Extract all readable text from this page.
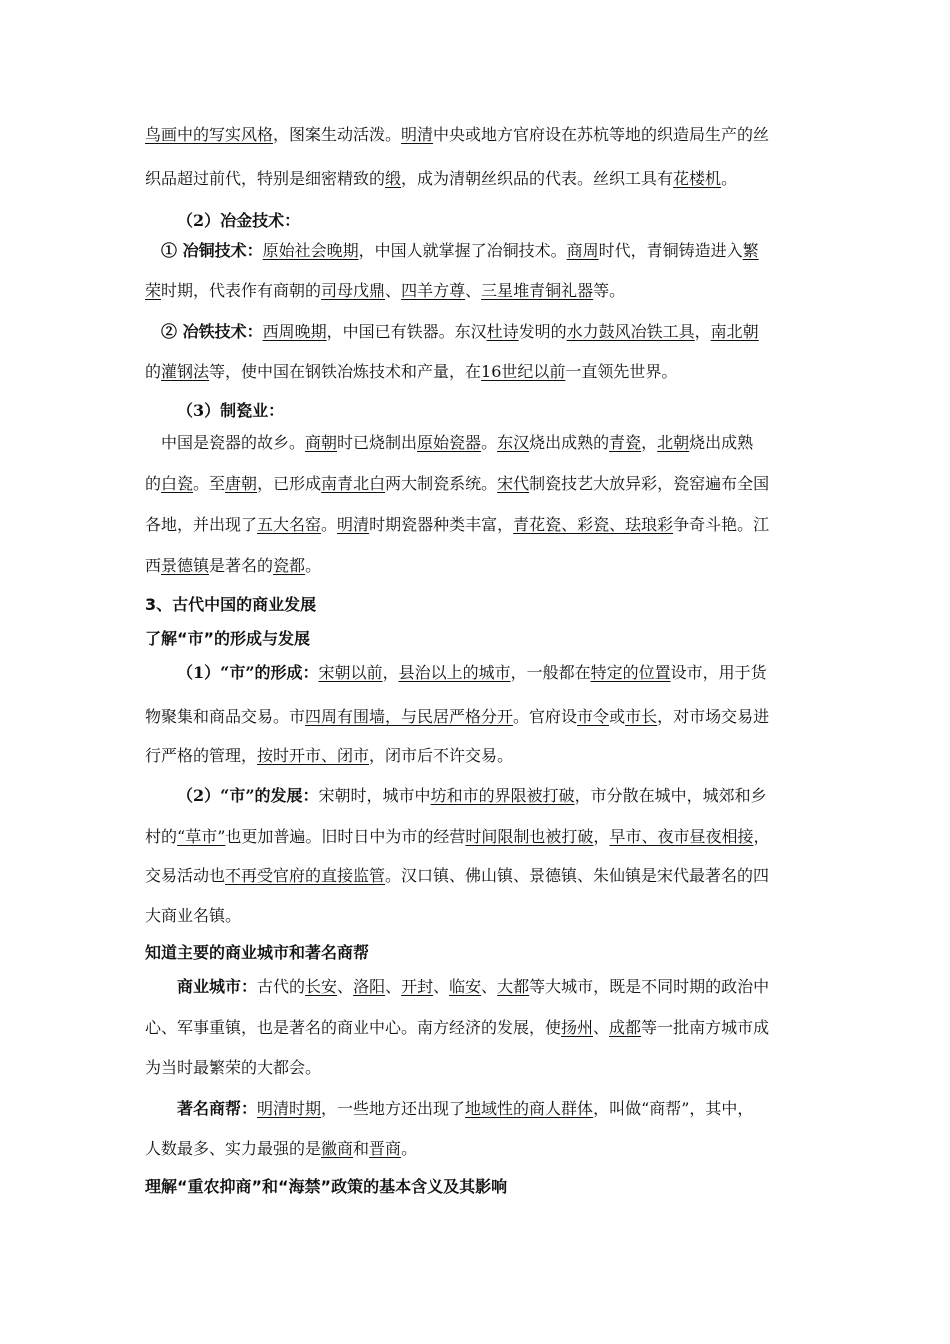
鸟画中的写实风格，图案生动活泼。明清中央或地方官府设在苏杭等地的织造局生产的丝
织品超过前代，特别是细密精致的缎，成为清朝丝织品的代表。丝织工具有花楼机。
（2）冶金技术：
① 冶铜技术：原始社会晚期，中国人就掌握了冶铜技术。商周时代，青铜铸造进入繁
荣时期，代表作有商朝的司母戊鼎、四羊方尊、三星堆青铜礼器等。
② 冶铁技术：西周晚期，中国已有铁器。东汉杜诗发明的水力鼓风冶铁工具，南北朝
的灌钢法等，使中国在钢铁冶炼技术和产量，在16世纪以前一直领先世界。
（3）制瓷业：
中国是瓷器的故乡。商朝时已烧制出原始瓷器。东汉烧出成熟的青瓷，北朝烧出成熟
的白瓷。至唐朝，已形成南青北白两大制瓷系统。宋代制瓷技艺大放异彩，瓷窑遍布全国
各地，并出现了五大名窑。明清时期瓷器种类丰富，青花瓷、彩瓷、珐琅彩争奇斗艳。江
西景德镇是著名的瓷都。
3、古代中国的商业发展
了解“市”的形成与发展
（1）“市”的形成：宋朝以前，县治以上的城市，一般都在特定的位置设市，用于货
物聚集和商品交易。市四周有围墙，与民居严格分开。官府设市令或市长，对市场交易进
行严格的管理，按时开市、闭市，闭市后不许交易。
（2）“市”的发展：宋朝时，城市中坊和市的界限被打破，市分散在城中，城郊和乡
村的“草市”也更加普遍。旧时日中为市的经营时间限制也被打破，早市、夜市昼夜相接，
交易活动也不再受官府的直接监管。汉口镇、佛山镇、景德镇、朱仙镇是宋代最著名的四
大商业名镇。
知道主要的商业城市和著名商帮
商业城市：古代的长安、洛阳、开封、临安、大都等大城市，既是不同时期的政治中
心、军事重镇，也是著名的商业中心。南方经济的发展，使扬州、成都等一批南方城市成
为当时最繁荣的大都会。
著名商帮：明清时期，一些地方还出现了地域性的商人群体，叫做“商帮”，其中，
人数最多、实力最强的是徽商和晋商。
理解“重农抑商”和“海禁”政策的基本含义及其影响
